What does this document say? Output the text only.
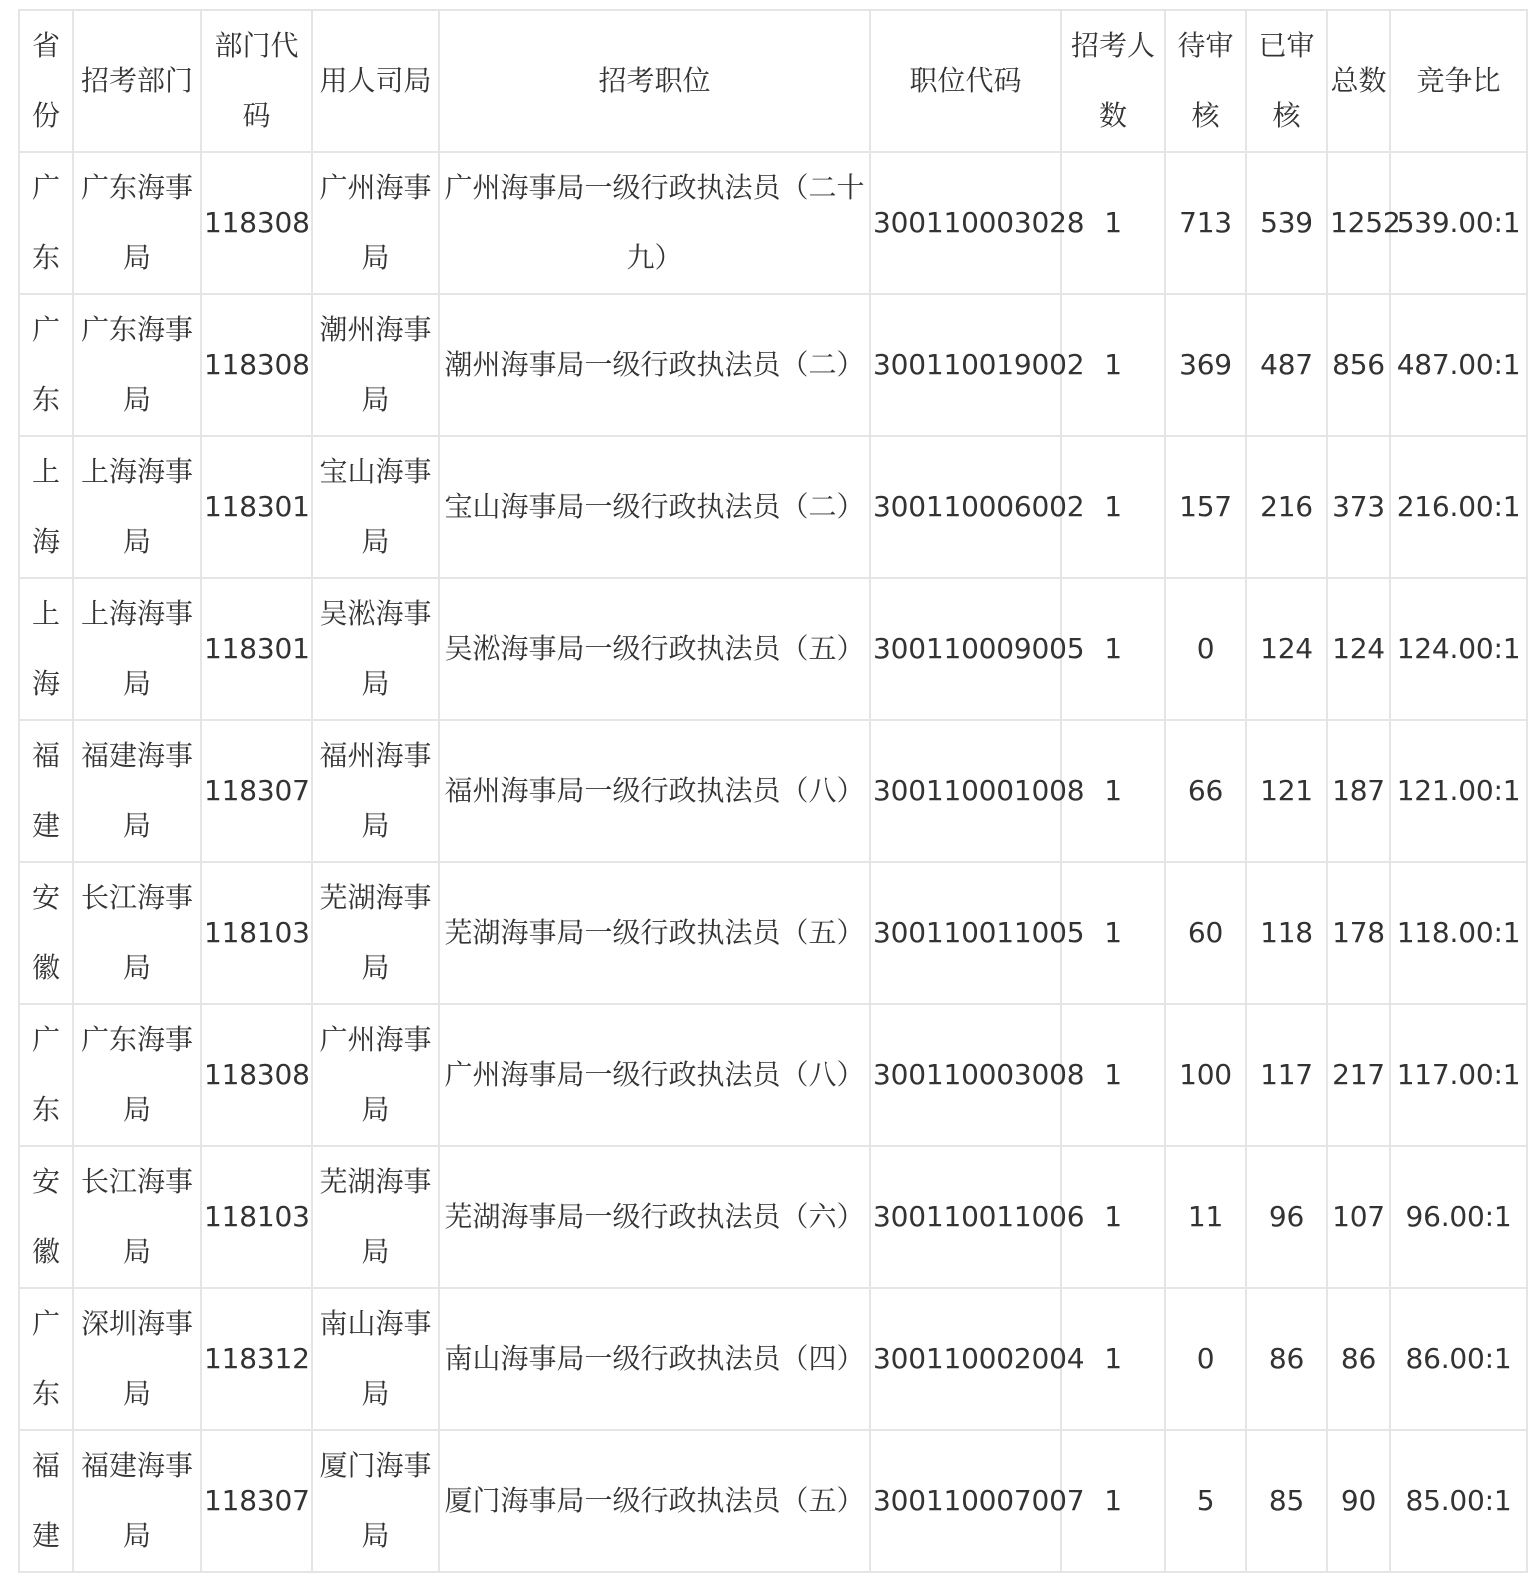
省份	招考部门	部门代码	用人司局	招考职位	职位代码	招考人数	待审核	已审核	总数	竞争比
广东	广东海事局	118308	广州海事局	广州海事局一级行政执法员（二十九）	300110003028	1	713	539	1252	539.00:1
广东	广东海事局	118308	潮州海事局	潮州海事局一级行政执法员（二）	300110019002	1	369	487	856	487.00:1
上海	上海海事局	118301	宝山海事局	宝山海事局一级行政执法员（二）	300110006002	1	157	216	373	216.00:1
上海	上海海事局	118301	吴淞海事局	吴淞海事局一级行政执法员（五）	300110009005	1	0	124	124	124.00:1
福建	福建海事局	118307	福州海事局	福州海事局一级行政执法员（八）	300110001008	1	66	121	187	121.00:1
安徽	长江海事局	118103	芜湖海事局	芜湖海事局一级行政执法员（五）	300110011005	1	60	118	178	118.00:1
广东	广东海事局	118308	广州海事局	广州海事局一级行政执法员（八）	300110003008	1	100	117	217	117.00:1
安徽	长江海事局	118103	芜湖海事局	芜湖海事局一级行政执法员（六）	300110011006	1	11	96	107	96.00:1
广东	深圳海事局	118312	南山海事局	南山海事局一级行政执法员（四）	300110002004	1	0	86	86	86.00:1
福建	福建海事局	118307	厦门海事局	厦门海事局一级行政执法员（五）	300110007007	1	5	85	90	85.00:1
